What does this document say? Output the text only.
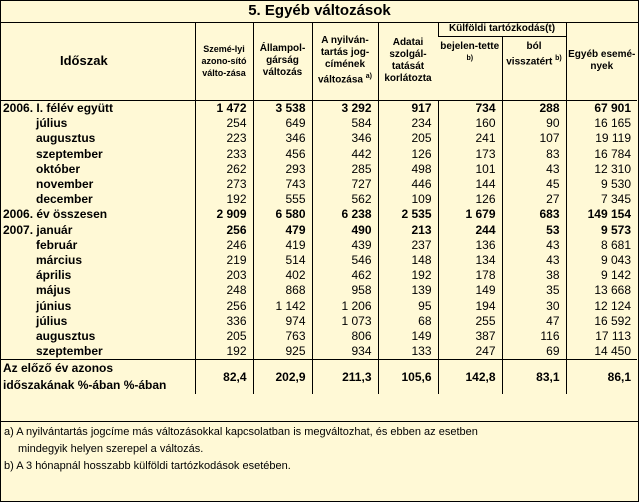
5. Egyéb változások
Időszak	Szemé-lyi azono-sító válto-zása	Állampol-gárság változás	A nyilván-tartás jog-címének változása $^{a)}$	Adatai szolgál-tatását korlátozta	Külföldi tartózkodás(t)		Egyéb esemé-nyek
					bejelen-tette $^{b)}$	ból visszatért $^{b)}$
2006. I. félév együtt	1 472	3 538	3 292	917	734	288	67 901
július	254	649	584	234	160	90	16 165
augusztus	223	346	346	205	241	107	19 119
szeptember	233	456	442	126	173	83	16 784
október	262	293	285	498	101	43	12 310
november	273	743	727	446	144	45	9 530
december	192	555	562	109	126	27	7 345
2006. év összesen	2 909	6 580	6 238	2 535	1 679	683	149 154
2007. január	256	479	490	213	244	53	9 573
február	246	419	439	237	136	43	8 681
március	219	514	546	148	134	43	9 043
április	203	402	462	192	178	38	9 142
május	248	868	958	139	149	35	13 668
június	256	1 142	1 206	95	194	30	12 124
július	336	974	1 073	68	255	47	16 592
augusztus	205	763	806	149	387	116	17 113
szeptember	192	925	934	133	247	69	14 450

Az előző év azonos
időszakának %-ában %-ában	82,4	202,9	211,3	105,6	142,8	83,1	86,1
a) A nyilvántartás jogcíme más változásokkal kapcsolatban is megváltozhat, és ebben az esetben
mindegyik helyen szerepel a változás.
b) A 3 hónapnál hosszabb külföldi tartózkodások esetében.
